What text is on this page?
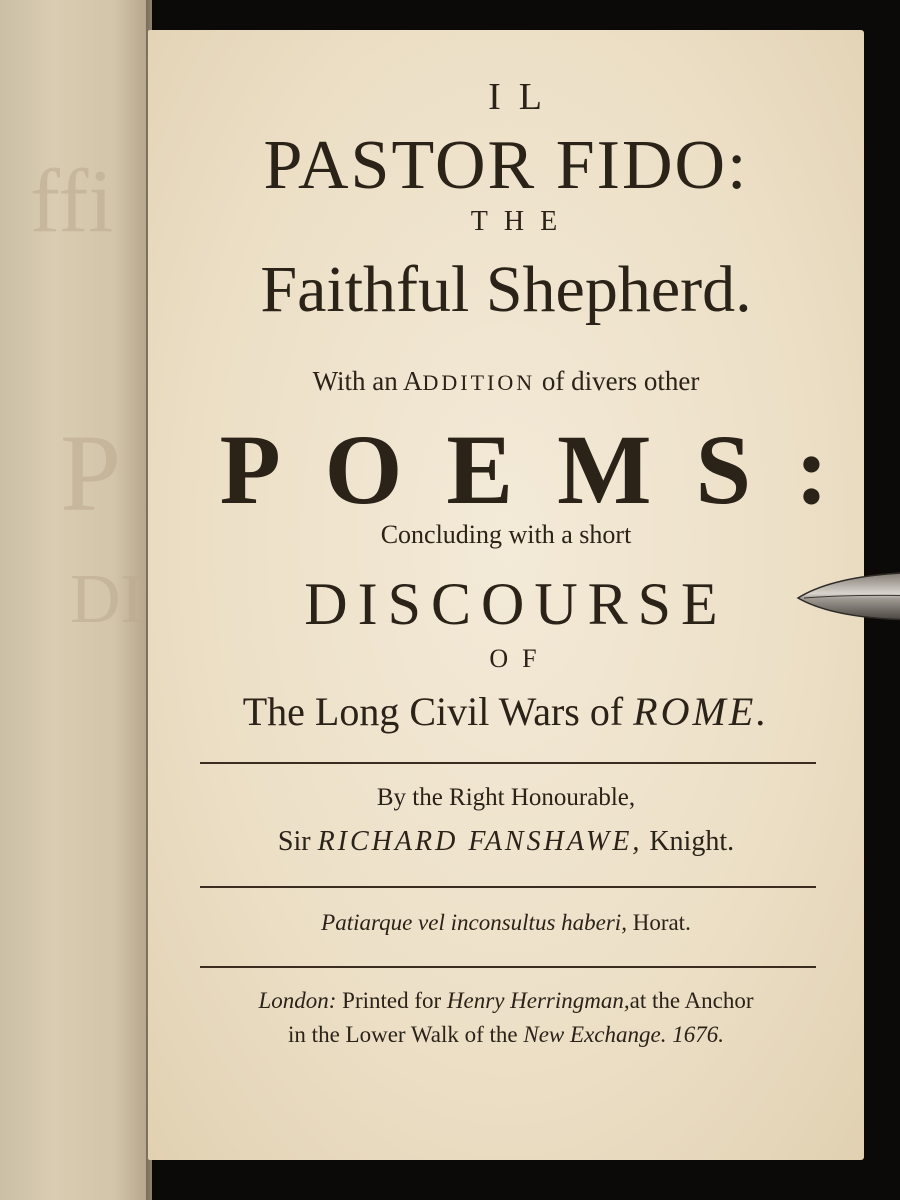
ffi
P
DI
IL
PASTOR FIDO:
THE
Faithful Shepherd.
With an ADDITION of divers other
POEMS:
Concluding with a short
DISCOURSE
OF
The Long Civil Wars of ROME.
By the Right Honourable,
Sir RICHARD FANSHAWE, Knight.
Patiarque vel inconsultus haberi, Horat.
London: Printed for Henry Herringman,at the Anchor
in the Lower Walk of the New Exchange. 1676.
